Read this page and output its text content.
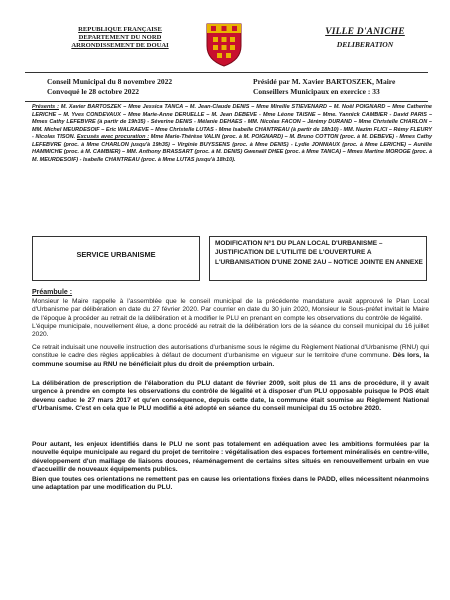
REPUBLIQUE FRANÇAISE
DEPARTEMENT DU NORD
ARRONDISSEMENT DE DOUAI
VILLE D'ANICHE
DELIBERATION
Conseil Municipal du 8 novembre 2022
Convoqué le 28 octobre 2022
Présidé par M. Xavier BARTOSZEK, Maire
Conseillers Municipaux en exercice : 33
Présents : M. Xavier BARTOSZEK – Mme Jessica TANCA – M. Jean-Claude DENIS – Mme Mireille STIEVENARD – M. Noël POIGNARD – Mme Catherine LERICHE – M. Yves CONDEVAUX – Mme Marie-Anne DERUELLE – M. Jean DEBEVE - Mme Léone TAISNE – Mme. Yannick CAMBIER - David PARIS – Mmes Cathy LEFEBVRE (à partir de 19h35) - Séverine DENIS - Mélanie DEHAES - MM. Nicolas FACON – Jérémy DURAND – Mme Christelle CHARLON – MM. Michel MEURDESOIF – Eric WALRAEVE – Mme Christelle LUTAS - Mme Isabelle CHANTREAU (à partir de 18h10) - MM. Nazim FLICI – Rémy FLEURY - Nicolas TISON. Excusés avec procuration : Mme Marie-Thérèse VALIN (proc. à M. POIGNARD) – M. Bruno COTTON (proc. à M. DEBEVE) - Mmes Cathy LEFEBVRE (proc. à Mme CHARLON jusqu'à 19h35) – Virginie BUYSSENS (proc. à Mme DENIS) - Lydie JONNIAUX (proc. à Mme LERICHE) – Aurélie HAMMICHE (proc. à M. CAMBIER) – MM. Anthony BRASSART (proc. à M. DENIS) Gwenaël DHEE (proc. à Mme TANCA) – Mmes Martine MOROGE (proc. à M. MEURDESOIF) - Isabelle CHANTREAU (proc. à Mme LUTAS jusqu'à 18h10).
SERVICE URBANISME
MODIFICATION N°1 DU PLAN LOCAL D'URBANISME – JUSTIFICATION DE L'UTILITE DE L'OUVERTURE A L'URBANISATION D'UNE ZONE 2AU – NOTICE JOINTE EN ANNEXE
Préambule :

Monsieur le Maire rappelle à l'assemblée que le conseil municipal de la précédente mandature avait approuvé le Plan Local d'Urbanisme par délibération en date du 27 février 2020. Par courrier en date du 30 juin 2020, Monsieur le Sous-préfet invitait le Maire de l'époque à procéder au retrait de la délibération et à modifier le PLU en prenant en compte les observations du contrôle de légalité.

L'équipe municipale, nouvellement élue, a donc procédé au retrait de la délibération lors de la séance du conseil municipal du 16 juillet 2020.

Ce retrait induisait une nouvelle instruction des autorisations d'urbanisme sous le régime du Règlement National d'Urbanisme (RNU) qui constitue le cadre des règles applicables à défaut de document d'urbanisme en vigueur sur le territoire d'une commune. Dès lors, la commune soumise au RNU ne bénéficiait plus du droit de préemption urbain.

La délibération de prescription de l'élaboration du PLU datant de février 2009, soit plus de 11 ans de procédure, il y avait urgence à prendre en compte les observations du contrôle de légalité et à disposer d'un PLU opposable puisque le POS était devenu caduc le 27 mars 2017 et qu'en conséquence, depuis cette date, la commune était soumise au Règlement National d'Urbanisme. C'est en cela que le PLU modifié a été adopté en séance du conseil municipal du 15 octobre 2020.

Pour autant, les enjeux identifiés dans le PLU ne sont pas totalement en adéquation avec les ambitions formulées par la nouvelle équipe municipale au regard du projet de territoire : végétalisation des espaces fortement minéralisés en centre-ville, développement d'un maillage de liaisons douces, réaménagement de certains sites situés en renouvellement urbain en vue d'accueillir de nouveaux équipements publics.

Bien que toutes ces orientations ne remettent pas en cause les orientations fixées dans le PADD, elles nécessitent néanmoins une adaptation par une modification du PLU.
